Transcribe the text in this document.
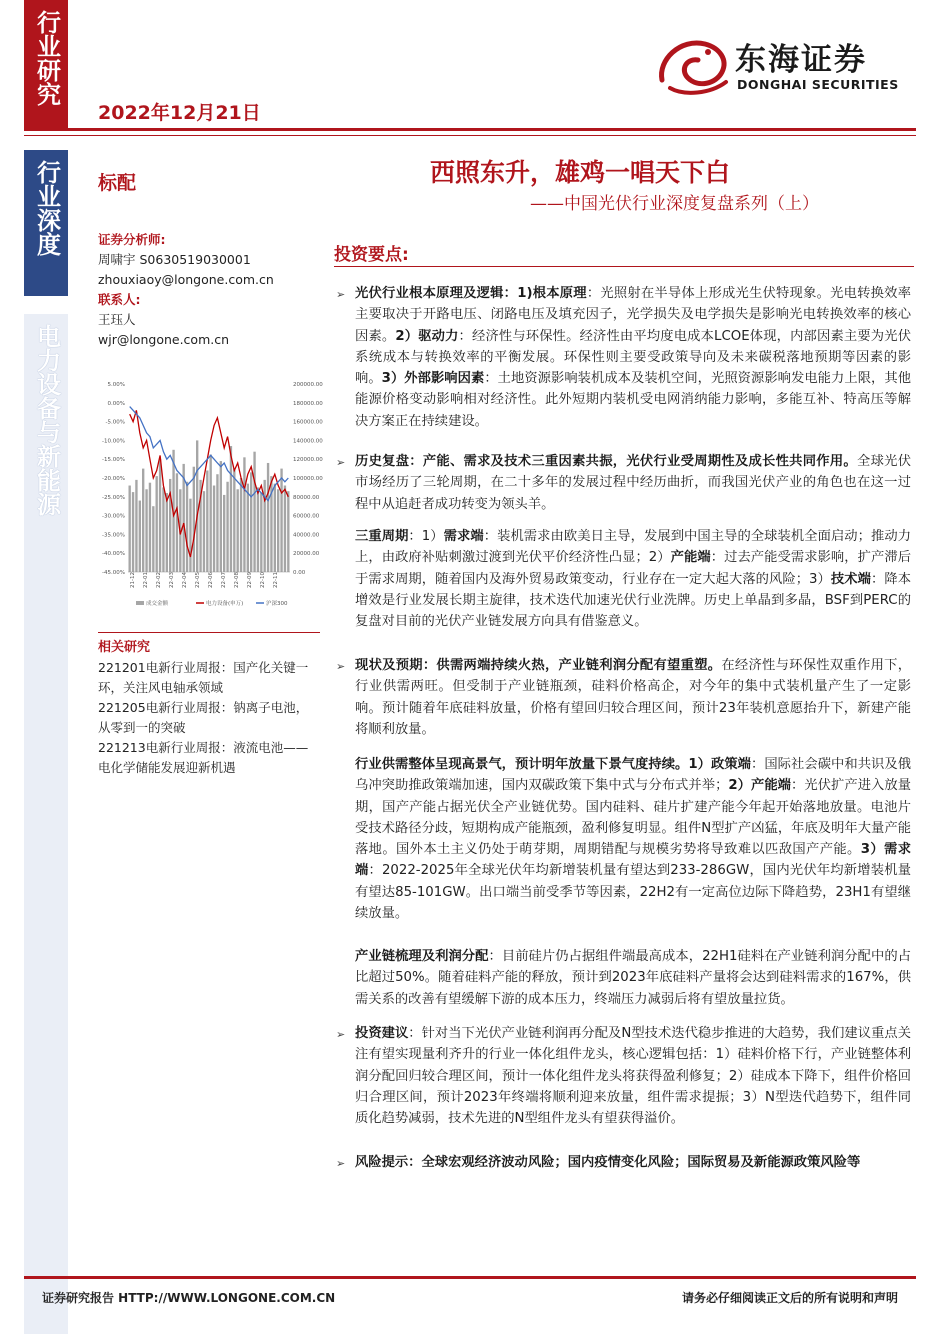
行业研究
行业深度
电力设备与新能源
2022年12月21日
东海证券
DONGHAI SECURITIES
标配	西照东升，雄鸡一唱天下白
——中国光伏行业深度复盘系列（上）
证券分析师:
周啸宇 S0630519030001
zhouxiaoy@longone.com.cn
联系人:
王珏人
wjr@longone.com.cn
5.00%
0.00%
-5.00%
-10.00%
-15.00%
-20.00%
-25.00%
-30.00%
-35.00%
-40.00%
-45.00%
200000.00
180000.00
160000.00
140000.00
120000.00
100000.00
80000.00
60000.00
40000.00
20000.00
0.00
21-12 22-01 22-02 22-03 22-04 22-05 22-06 22-07 22-08 22-09 22-10 22-11
成交金额	电力设备(申万)	沪深300
相关研究
221201电新行业周报：国产化关键一环，关注风电轴承领域
221205电新行业周报：钠离子电池，从零到一的突破
221213电新行业周报：液流电池——电化学储能发展迎新机遇
投资要点:
➢ 光伏行业根本原理及逻辑：1)根本原理：光照射在半导体上形成光生伏特现象。光电转换效率主要取决于开路电压、闭路电压及填充因子，光学损失及电学损失是影响光电转换效率的核心因素。2）驱动力：经济性与环保性。经济性由平均度电成本LCOE体现，内部因素主要为光伏系统成本与转换效率的平衡发展。环保性则主要受政策导向及未来碳税落地预期等因素的影响。3）外部影响因素：土地资源影响装机成本及装机空间，光照资源影响发电能力上限，其他能源价格变动影响相对经济性。此外短期内装机受电网消纳能力影响，多能互补、特高压等解决方案正在持续建设。
➢ 历史复盘：产能、需求及技术三重因素共振，光伏行业受周期性及成长性共同作用。全球光伏市场经历了三轮周期，在二十多年的发展过程中经历曲折，而我国光伏产业的角色也在这一过程中从追赶者成功转变为领头羊。
三重周期：1）需求端：装机需求由欧美日主导，发展到中国主导的全球装机全面启动；推动力上，由政府补贴刺激过渡到光伏平价经济性凸显；2）产能端：过去产能受需求影响，扩产滞后于需求周期，随着国内及海外贸易政策变动，行业存在一定大起大落的风险；3）技术端：降本增效是行业发展长期主旋律，技术迭代加速光伏行业洗牌。历史上单晶到多晶，BSF到PERC的复盘对目前的光伏产业链发展方向具有借鉴意义。
➢ 现状及预期：供需两端持续火热，产业链利润分配有望重塑。在经济性与环保性双重作用下，行业供需两旺。但受制于产业链瓶颈，硅料价格高企，对今年的集中式装机量产生了一定影响。预计随着年底硅料放量，价格有望回归较合理区间，预计23年装机意愿抬升下，新建产能将顺利放量。
行业供需整体呈现高景气，预计明年放量下景气度持续。1）政策端：国际社会碳中和共识及俄乌冲突助推政策端加速，国内双碳政策下集中式与分布式并举；2）产能端：光伏扩产进入放量期，国产产能占据光伏全产业链优势。国内硅料、硅片扩建产能今年起开始落地放量。电池片受技术路径分歧，短期构成产能瓶颈，盈利修复明显。组件N型扩产凶猛，年底及明年大量产能落地。国外本土主义仍处于萌芽期，周期错配与规模劣势将导致难以匹敌国产产能。3）需求端：2022-2025年全球光伏年均新增装机量有望达到233-286GW，国内光伏年均新增装机量有望达85-101GW。出口端当前受季节等因素，22H2有一定高位边际下降趋势，23H1有望继续放量。
产业链梳理及利润分配：目前硅片仍占据组件端最高成本，22H1硅料在产业链利润分配中的占比超过50%。随着硅料产能的释放，预计到2023年底硅料产量将会达到硅料需求的167%，供需关系的改善有望缓解下游的成本压力，终端压力减弱后将有望放量拉货。
➢ 投资建议：针对当下光伏产业链利润再分配及N型技术迭代稳步推进的大趋势，我们建议重点关注有望实现量利齐升的行业一体化组件龙头，核心逻辑包括：1）硅料价格下行，产业链整体利润分配回归较合理区间，预计一体化组件龙头将获得盈利修复；2）硅成本下降下，组件价格回归合理区间，预计2023年终端将顺利迎来放量，组件需求提振；3）N型迭代趋势下，组件同质化趋势减弱，技术先进的N型组件龙头有望获得溢价。
➢ 风险提示：全球宏观经济波动风险；国内疫情变化风险；国际贸易及新能源政策风险等
证券研究报告 HTTP://WWW.LONGONE.COM.CN	请务必仔细阅读正文后的所有说明和声明
